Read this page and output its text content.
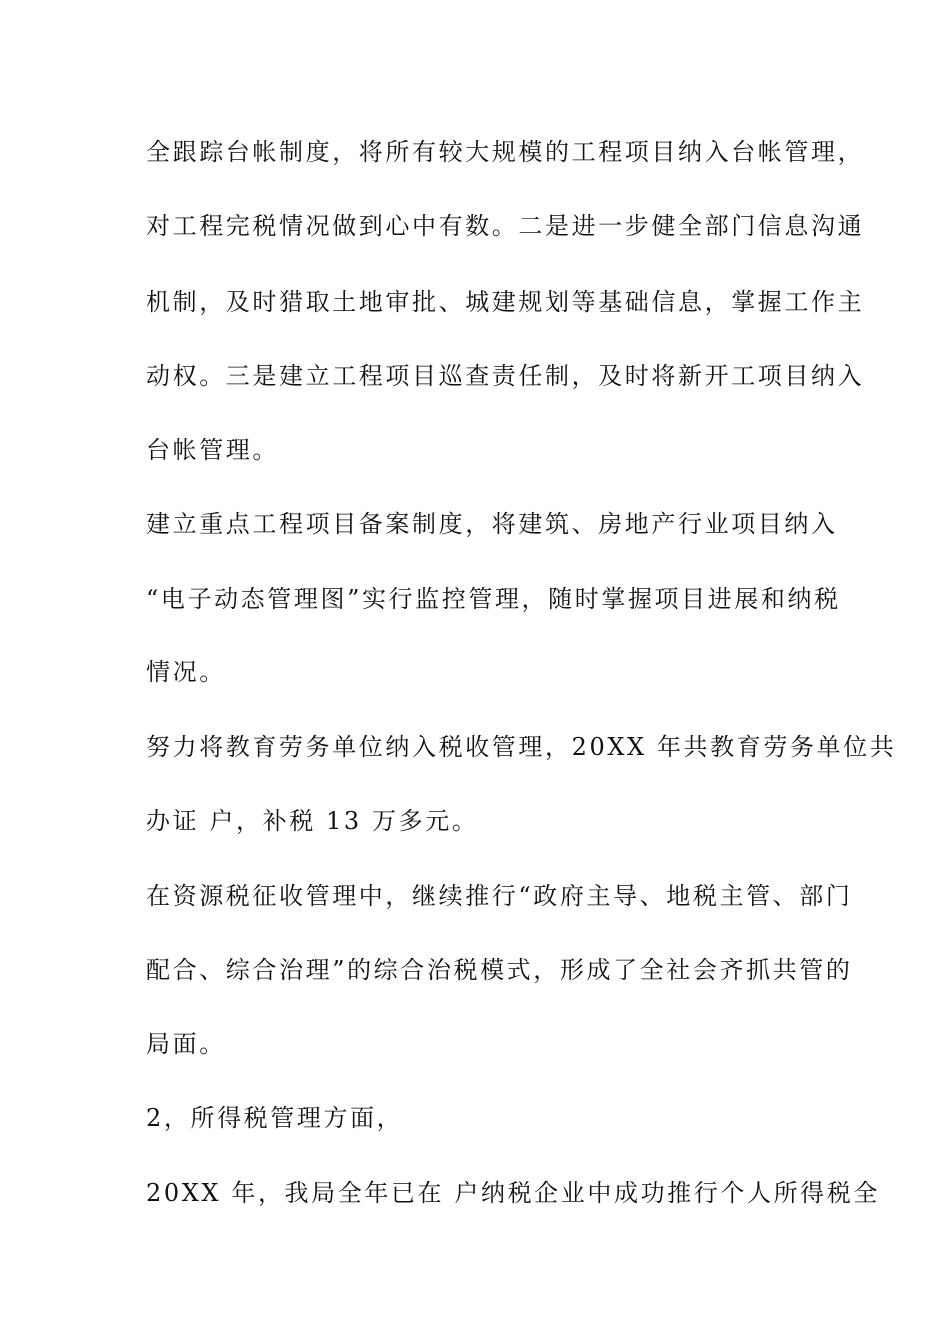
全跟踪台帐制度，将所有较大规模的工程项目纳入台帐管理，
对工程完税情况做到心中有数。二是进一步健全部门信息沟通
机制，及时猎取土地审批、城建规划等基础信息，掌握工作主
动权。三是建立工程项目巡查责任制，及时将新开工项目纳入
台帐管理。
建立重点工程项目备案制度，将建筑、房地产行业项目纳入
“电子动态管理图”实行监控管理，随时掌握项目进展和纳税
情况。
努力将教育劳务单位纳入税收管理，20XX 年共教育劳务单位共
办证 户，补税 13 万多元。
在资源税征收管理中，继续推行“政府主导、地税主管、部门
配合、综合治理”的综合治税模式，形成了全社会齐抓共管的
局面。
2，所得税管理方面，
20XX 年，我局全年已在 户纳税企业中成功推行个人所得税全
